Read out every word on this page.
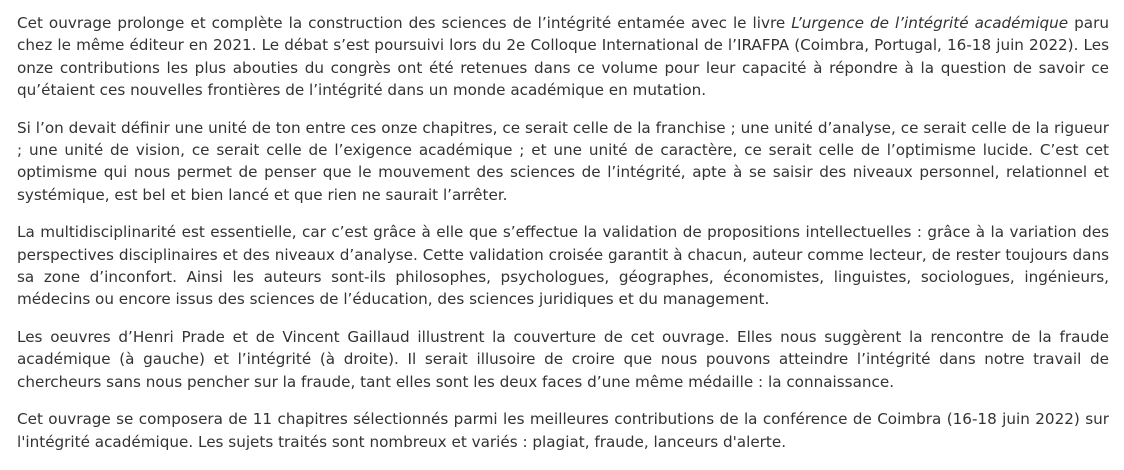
Cet ouvrage prolonge et complète la construction des sciences de l’intégrité entamée avec le livre L’urgence de l’intégrité académique paru chez le même éditeur en 2021. Le débat s’est poursuivi lors du 2e Colloque International de l’IRAFPA (Coimbra, Portugal, 16-18 juin 2022). Les onze contributions les plus abouties du congrès ont été retenues dans ce volume pour leur capacité à répondre à la question de savoir ce qu’étaient ces nouvelles frontières de l’intégrité dans un monde académique en mutation.

Si l’on devait définir une unité de ton entre ces onze chapitres, ce serait celle de la franchise ; une unité d’analyse, ce serait celle de la rigueur ; une unité de vision, ce serait celle de l’exigence académique ; et une unité de caractère, ce serait celle de l’optimisme lucide. C’est cet optimisme qui nous permet de penser que le mouvement des sciences de l’intégrité, apte à se saisir des niveaux personnel, relationnel et systémique, est bel et bien lancé et que rien ne saurait l’arrêter.

La multidisciplinarité est essentielle, car c’est grâce à elle que s’effectue la validation de propositions intellectuelles : grâce à la variation des perspectives disciplinaires et des niveaux d’analyse. Cette validation croisée garantit à chacun, auteur comme lecteur, de rester toujours dans sa zone d’inconfort. Ainsi les auteurs sont-ils philosophes, psychologues, géographes, économistes, linguistes, sociologues, ingénieurs, médecins ou encore issus des sciences de l’éducation, des sciences juridiques et du management.

Les oeuvres d’Henri Prade et de Vincent Gaillaud illustrent la couverture de cet ouvrage. Elles nous suggèrent la rencontre de la fraude académique (à gauche) et l’intégrité (à droite). Il serait illusoire de croire que nous pouvons atteindre l’intégrité dans notre travail de chercheurs sans nous pencher sur la fraude, tant elles sont les deux faces d’une même médaille : la connaissance.

Cet ouvrage se composera de 11 chapitres sélectionnés parmi les meilleures contributions de la conférence de Coimbra (16-18 juin 2022) sur l'intégrité académique. Les sujets traités sont nombreux et variés : plagiat, fraude, lanceurs d'alerte.
